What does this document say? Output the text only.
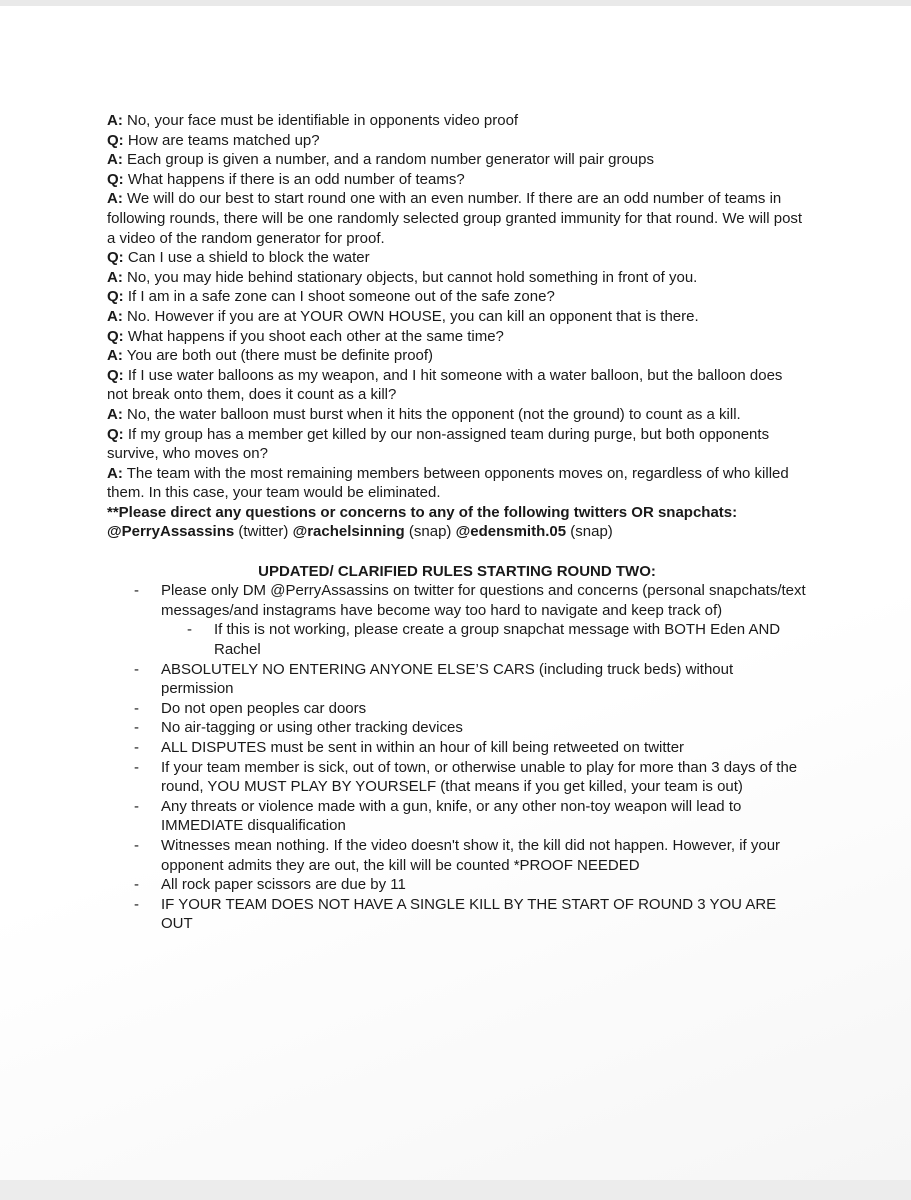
A: No, your face must be identifiable in opponents video proof
Q: How are teams matched up?
A: Each group is given a number, and a random number generator will pair groups
Q: What happens if there is an odd number of teams?
A: We will do our best to start round one with an even number. If there are an odd number of teams in following rounds, there will be one randomly selected group granted immunity for that round. We will post a video of the random generator for proof.
Q: Can I use a shield to block the water
A: No, you may hide behind stationary objects, but cannot hold something in front of you.
Q: If I am in a safe zone can I shoot someone out of the safe zone?
A: No. However if you are at YOUR OWN HOUSE, you can kill an opponent that is there.
Q: What happens if you shoot each other at the same time?
A: You are both out (there must be definite proof)
Q: If I use water balloons as my weapon, and I hit someone with a water balloon, but the balloon does not break onto them, does it count as a kill?
A: No, the water balloon must burst when it hits the opponent (not the ground) to count as a kill.
Q: If my group has a member get killed by our non-assigned team during purge, but both opponents survive, who moves on?
A: The team with the most remaining members between opponents moves on, regardless of who killed them. In this case, your team would be eliminated.
**Please direct any questions or concerns to any of the following twitters OR snapchats: @PerryAssassins (twitter) @rachelsinning (snap) @edensmith.05 (snap)
UPDATED/ CLARIFIED RULES STARTING ROUND TWO:
- Please only DM @PerryAssassins on twitter for questions and concerns (personal snapchats/text messages/and instagrams have become way too hard to navigate and keep track of)
- If this is not working, please create a group snapchat message with BOTH Eden AND Rachel
- ABSOLUTELY NO ENTERING ANYONE ELSE’S CARS (including truck beds) without permission
- Do not open peoples car doors
- No air-tagging or using other tracking devices
- ALL DISPUTES must be sent in within an hour of kill being retweeted on twitter
- If your team member is sick, out of town, or otherwise unable to play for more than 3 days of the round, YOU MUST PLAY BY YOURSELF (that means if you get killed, your team is out)
- Any threats or violence made with a gun, knife, or any other non-toy weapon will lead to IMMEDIATE disqualification
- Witnesses mean nothing. If the video doesn't show it, the kill did not happen. However, if your opponent admits they are out, the kill will be counted *PROOF NEEDED
- All rock paper scissors are due by 11
- IF YOUR TEAM DOES NOT HAVE A SINGLE KILL BY THE START OF ROUND 3 YOU ARE OUT
